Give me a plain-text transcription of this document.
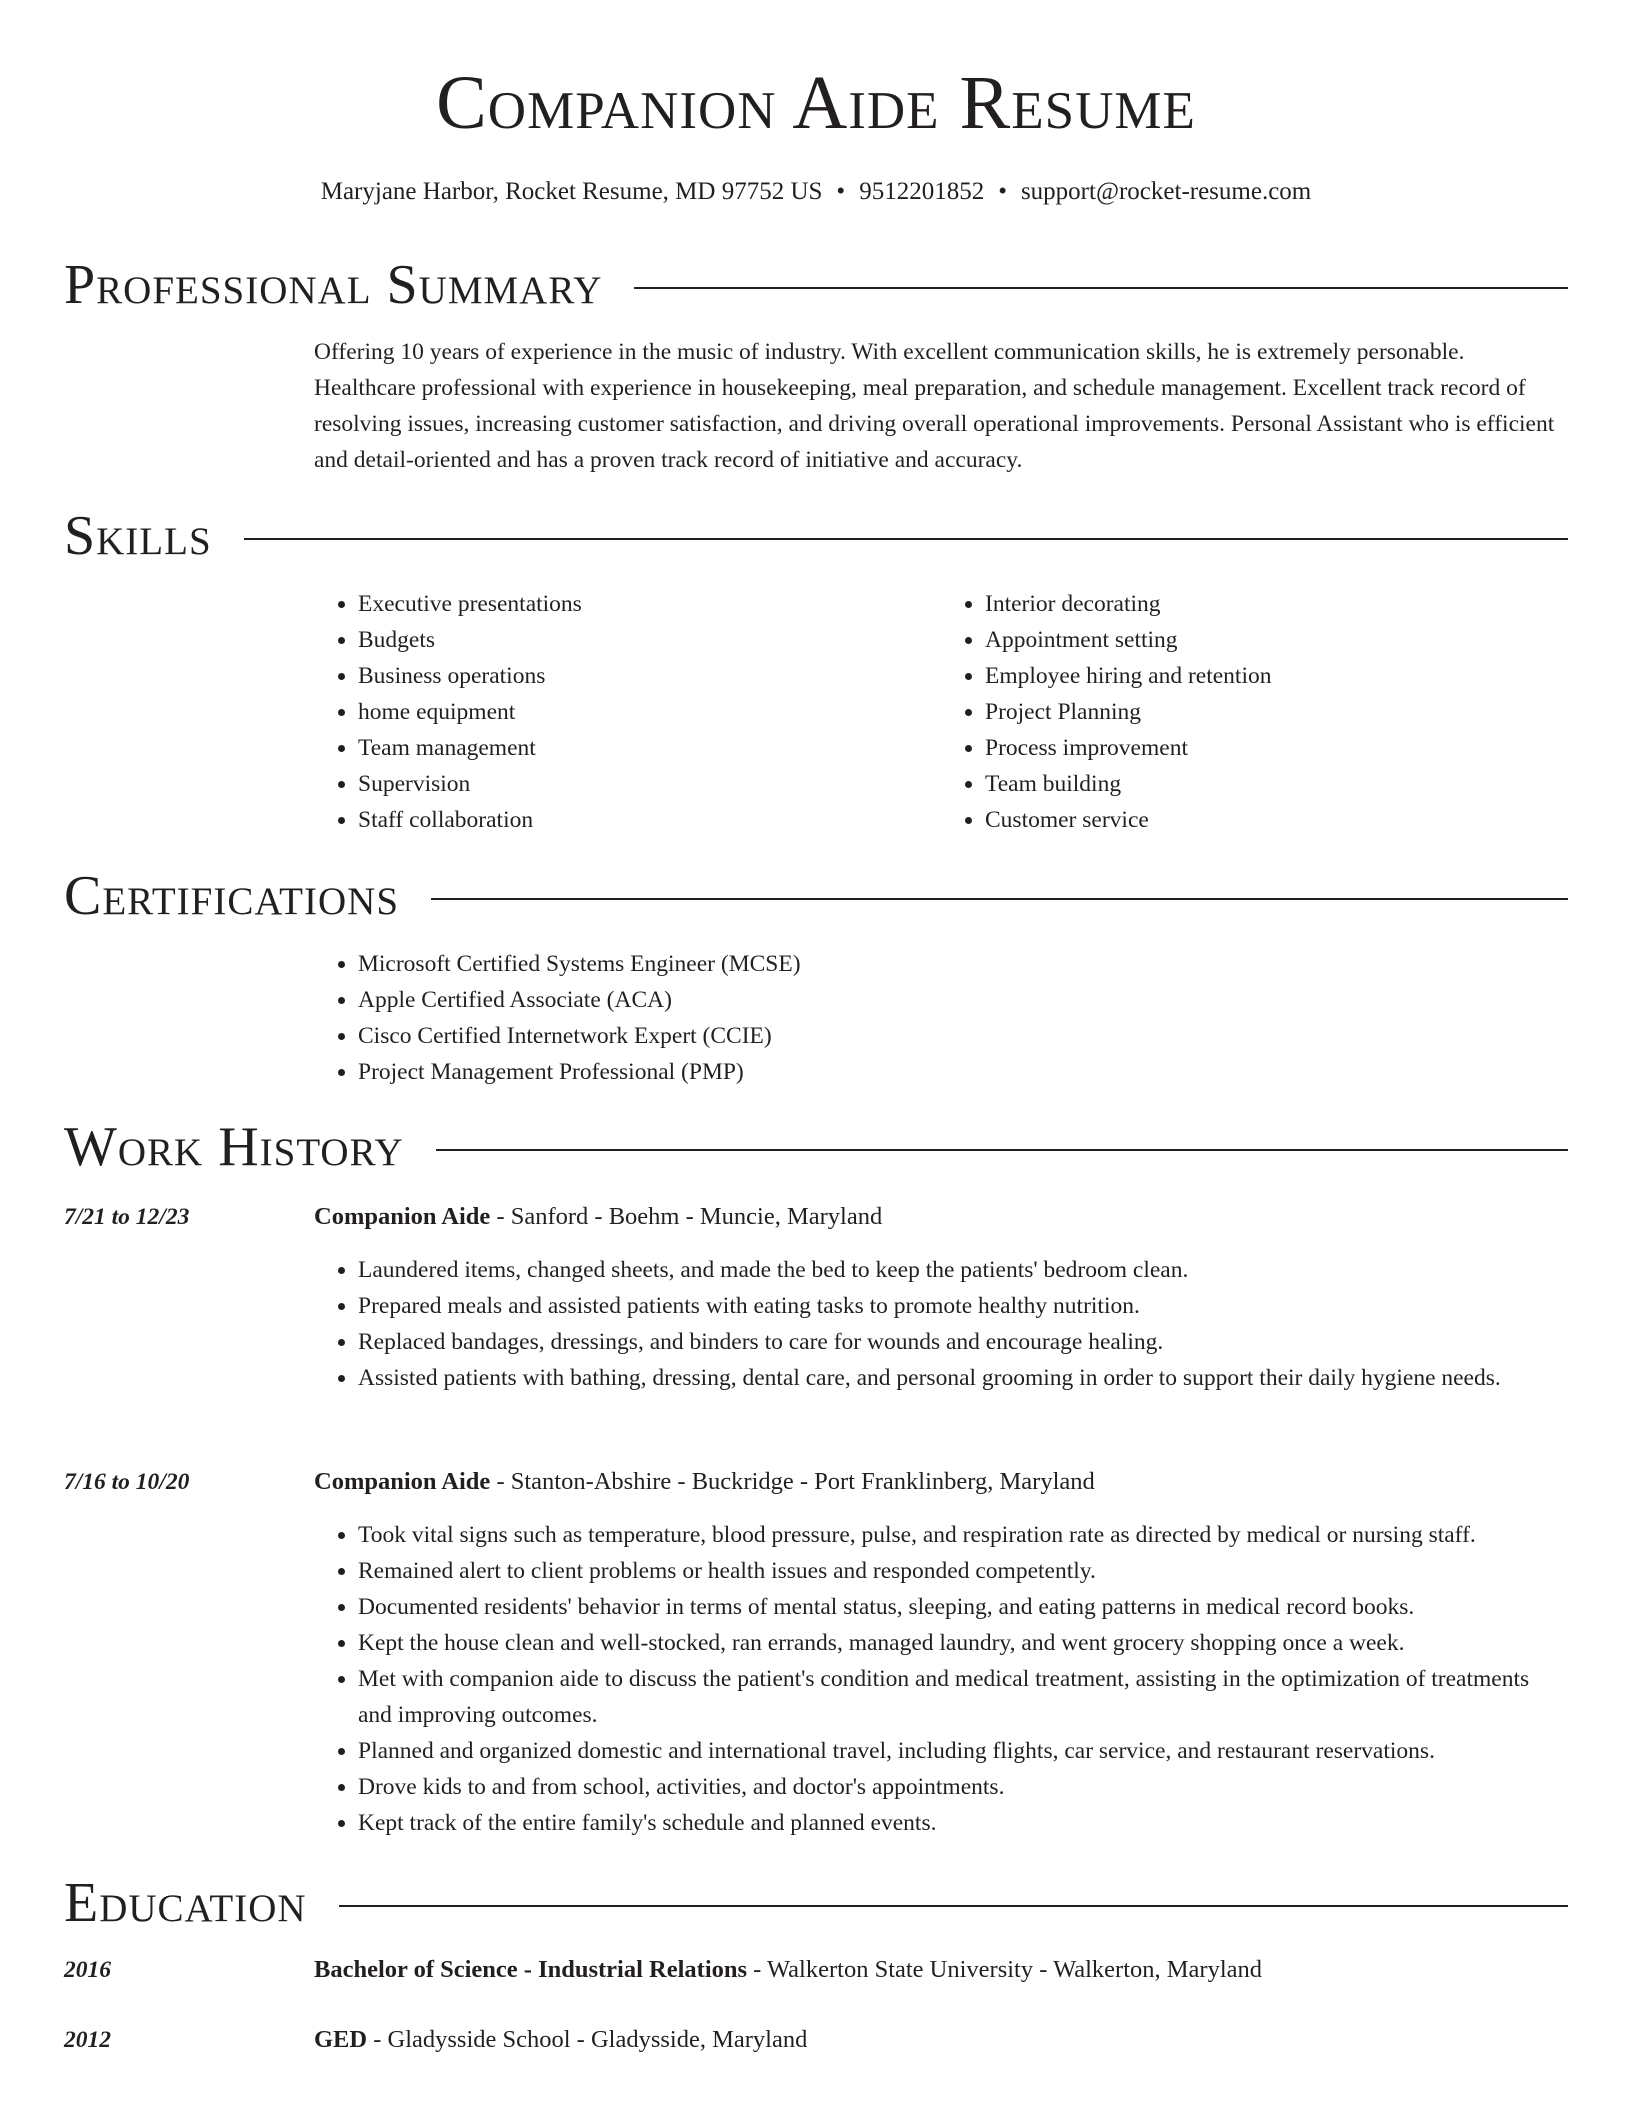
Companion Aide Resume
Maryjane Harbor, Rocket Resume, MD 97752 US • 9512201852 • support@rocket-resume.com
Professional Summary

Offering 10 years of experience in the music of industry. With excellent communication skills, he is extremely personable. Healthcare professional with experience in housekeeping, meal preparation, and schedule management. Excellent track record of resolving issues, increasing customer satisfaction, and driving overall operational improvements. Personal Assistant who is efficient and detail-oriented and has a proven track record of initiative and accuracy.

Skills
• Executive presentations
• Budgets
• Business operations
• home equipment
• Team management
• Supervision
• Staff collaboration
• Interior decorating
• Appointment setting
• Employee hiring and retention
• Project Planning
• Process improvement
• Team building
• Customer service
Certifications
• Microsoft Certified Systems Engineer (MCSE)
• Apple Certified Associate (ACA)
• Cisco Certified Internetwork Expert (CCIE)
• Project Management Professional (PMP)
Work History
7/21 to 12/23	Companion Aide - Sanford - Boehm - Muncie, Maryland
• Laundered items, changed sheets, and made the bed to keep the patients' bedroom clean.
• Prepared meals and assisted patients with eating tasks to promote healthy nutrition.
• Replaced bandages, dressings, and binders to care for wounds and encourage healing.
• Assisted patients with bathing, dressing, dental care, and personal grooming in order to support their daily hygiene needs.
7/16 to 10/20	Companion Aide - Stanton-Abshire - Buckridge - Port Franklinberg, Maryland
• Took vital signs such as temperature, blood pressure, pulse, and respiration rate as directed by medical or nursing staff.
• Remained alert to client problems or health issues and responded competently.
• Documented residents' behavior in terms of mental status, sleeping, and eating patterns in medical record books.
• Kept the house clean and well-stocked, ran errands, managed laundry, and went grocery shopping once a week.
• Met with companion aide to discuss the patient's condition and medical treatment, assisting in the optimization of treatments and improving outcomes.
• Planned and organized domestic and international travel, including flights, car service, and restaurant reservations.
• Drove kids to and from school, activities, and doctor's appointments.
• Kept track of the entire family's schedule and planned events.
Education
2016	Bachelor of Science - Industrial Relations - Walkerton State University - Walkerton, Maryland
2012	GED - Gladysside School - Gladysside, Maryland
